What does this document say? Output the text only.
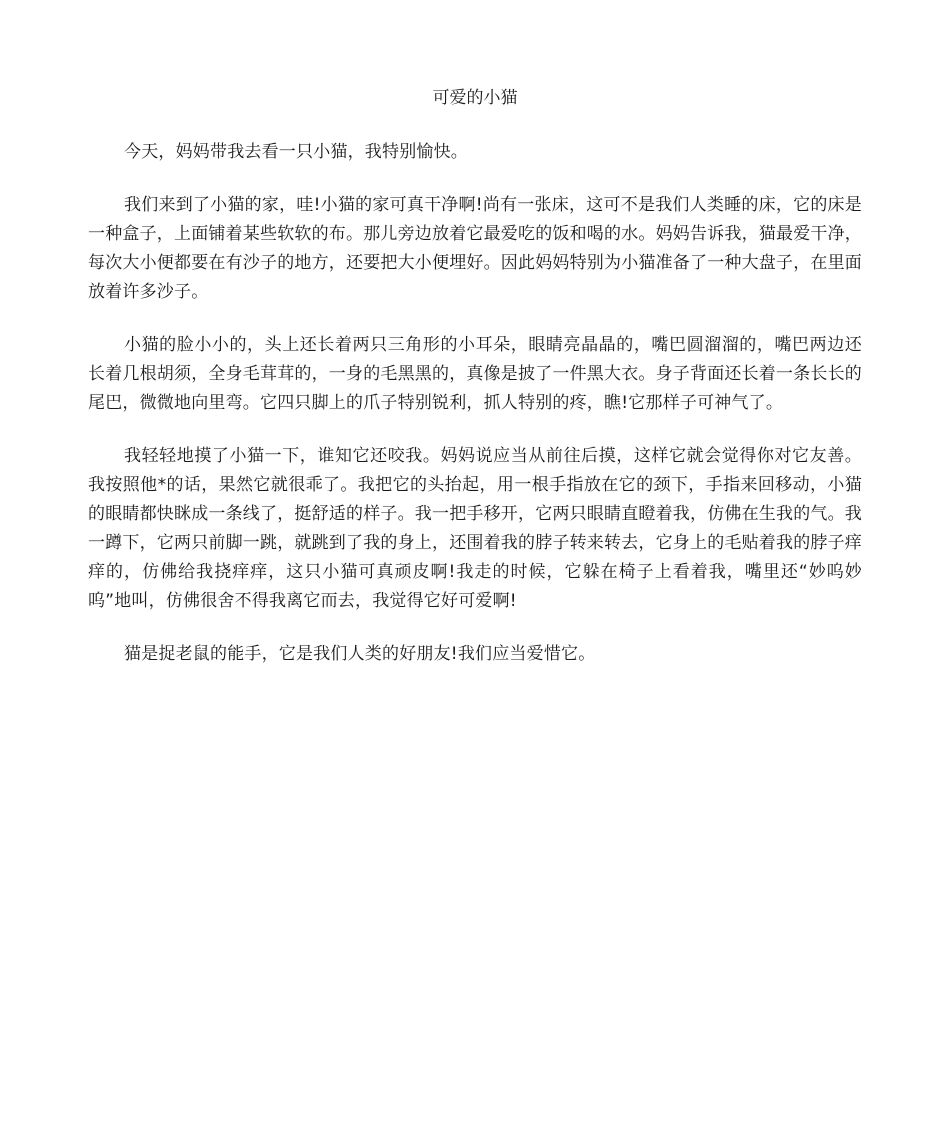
可爱的小猫

今天，妈妈带我去看一只小猫，我特别愉快。

我们来到了小猫的家，哇!小猫的家可真干净啊!尚有一张床，这可不是我们人类睡的床，它的床是一种盒子，上面铺着某些软软的布。那儿旁边放着它最爱吃的饭和喝的水。妈妈告诉我，猫最爱干净，每次大小便都要在有沙子的地方，还要把大小便埋好。因此妈妈特别为小猫准备了一种大盘子，在里面放着许多沙子。

小猫的脸小小的，头上还长着两只三角形的小耳朵，眼睛亮晶晶的，嘴巴圆溜溜的，嘴巴两边还长着几根胡须，全身毛茸茸的，一身的毛黑黑的，真像是披了一件黑大衣。身子背面还长着一条长长的尾巴，微微地向里弯。它四只脚上的爪子特别锐利，抓人特别的疼，瞧!它那样子可神气了。

我轻轻地摸了小猫一下，谁知它还咬我。妈妈说应当从前往后摸，这样它就会觉得你对它友善。我按照他*的话，果然它就很乖了。我把它的头抬起，用一根手指放在它的颈下，手指来回移动，小猫的眼睛都快眯成一条线了，挺舒适的样子。我一把手移开，它两只眼睛直瞪着我，仿佛在生我的气。我一蹲下，它两只前脚一跳，就跳到了我的身上，还围着我的脖子转来转去，它身上的毛贴着我的脖子痒痒的，仿佛给我挠痒痒，这只小猫可真顽皮啊!我走的时候，它躲在椅子上看着我，嘴里还“妙呜妙呜”地叫，仿佛很舍不得我离它而去，我觉得它好可爱啊!

猫是捉老鼠的能手，它是我们人类的好朋友!我们应当爱惜它。
